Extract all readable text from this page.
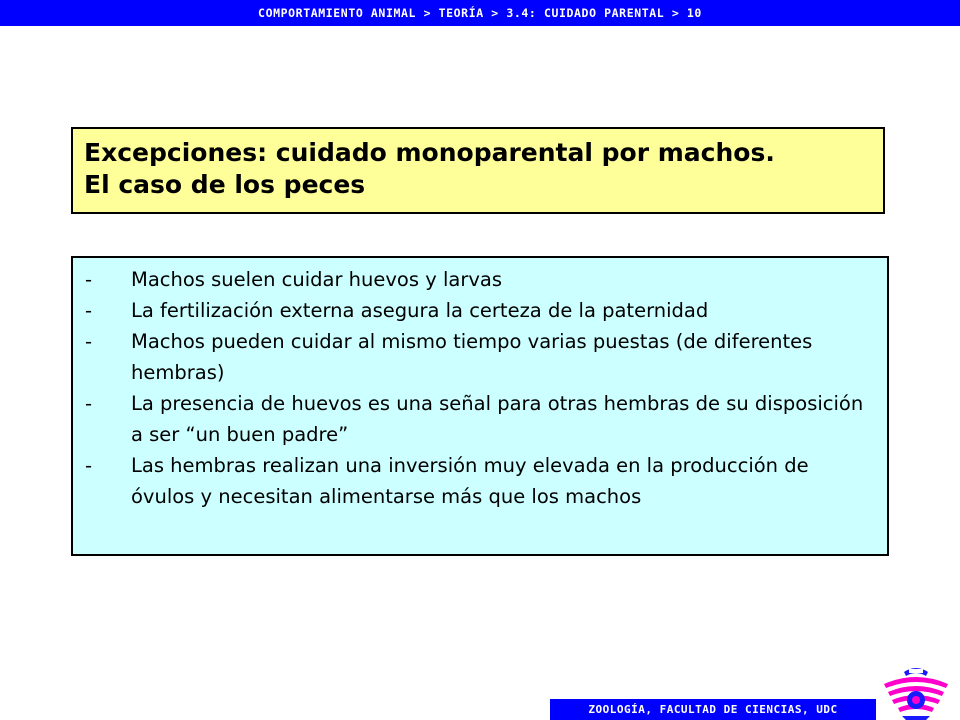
COMPORTAMIENTO ANIMAL > TEORÍA > 3.4: CUIDADO PARENTAL > 10
Excepciones: cuidado monoparental por machos.
El caso de los peces
-	Machos suelen cuidar huevos y larvas
-	La fertilización externa asegura la certeza de la paternidad
-	Machos pueden cuidar al mismo tiempo varias puestas (de diferentes hembras)
-	La presencia de huevos es una señal para otras hembras de su disposición a ser “un buen padre”
-	Las hembras realizan una inversión muy elevada en la producción de óvulos y necesitan alimentarse más que los machos
ZOOLOGÍA, FACULTAD DE CIENCIAS, UDC
